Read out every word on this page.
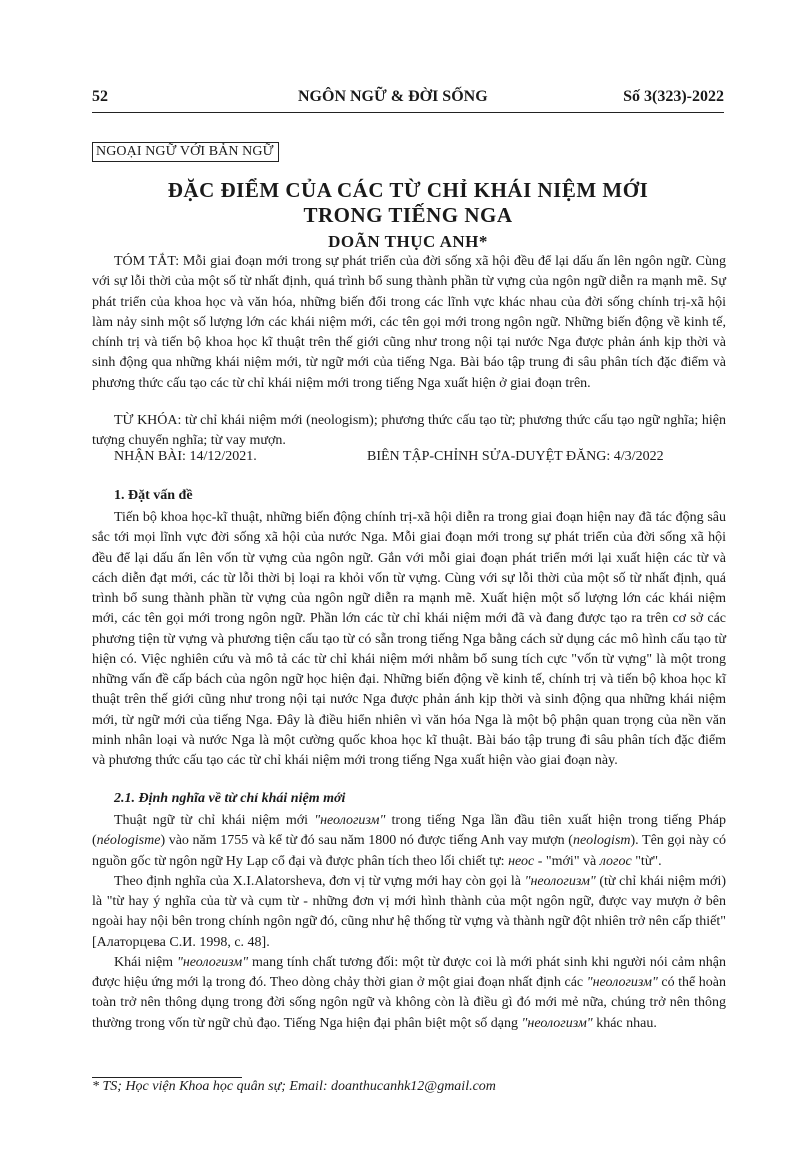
52	NGÔN NGỮ & ĐỜI SỐNG	Số 3(323)-2022
NGOẠI NGỮ VỚI BẢN NGỮ
ĐẶC ĐIỂM CỦA CÁC TỪ CHỈ KHÁI NIỆM MỚI
TRONG TIẾNG NGA
DOÃN THỤC ANH*

TÓM TẮT: Mỗi giai đoạn mới trong sự phát triển của đời sống xã hội đều để lại dấu ấn lên ngôn ngữ. Cùng với sự lỗi thời của một số từ nhất định, quá trình bổ sung thành phần từ vựng của ngôn ngữ diễn ra mạnh mẽ. Sự phát triển của khoa học và văn hóa, những biến đổi trong các lĩnh vực khác nhau của đời sống chính trị-xã hội làm nảy sinh một số lượng lớn các khái niệm mới, các tên gọi mới trong ngôn ngữ. Những biến động về kinh tế, chính trị và tiến bộ khoa học kĩ thuật trên thế giới cũng như trong nội tại nước Nga được phản ánh kịp thời và sinh động qua những khái niệm mới, từ ngữ mới của tiếng Nga. Bài báo tập trung đi sâu phân tích đặc điểm và phương thức cấu tạo các từ chỉ khái niệm mới trong tiếng Nga xuất hiện ở giai đoạn trên.

TỪ KHÓA: từ chỉ khái niệm mới (neologism); phương thức cấu tạo từ; phương thức cấu tạo ngữ nghĩa; hiện tượng chuyển nghĩa; từ vay mượn.

NHẬN BÀI: 14/12/2021.	BIÊN TẬP-CHỈNH SỬA-DUYỆT ĐĂNG: 4/3/2022
1. Đặt vấn đề

Tiến bộ khoa học-kĩ thuật, những biến động chính trị-xã hội diễn ra trong giai đoạn hiện nay đã tác động sâu sắc tới mọi lĩnh vực đời sống xã hội của nước Nga. Mỗi giai đoạn mới trong sự phát triển của đời sống xã hội đều để lại dấu ấn lên vốn từ vựng của ngôn ngữ. Gắn với mỗi giai đoạn phát triển mới lại xuất hiện các từ và cách diễn đạt mới, các từ lỗi thời bị loại ra khỏi vốn từ vựng. Cùng với sự lỗi thời của một số từ nhất định, quá trình bổ sung thành phần từ vựng của ngôn ngữ diễn ra mạnh mẽ. Xuất hiện một số lượng lớn các khái niệm mới, các tên gọi mới trong ngôn ngữ. Phần lớn các từ chỉ khái niệm mới đã và đang được tạo ra trên cơ sở các phương tiện từ vựng và phương tiện cấu tạo từ có sẵn trong tiếng Nga bằng cách sử dụng các mô hình cấu tạo từ hiện có. Việc nghiên cứu và mô tả các từ chỉ khái niệm mới nhằm bổ sung tích cực "vốn từ vựng" là một trong những vấn đề cấp bách của ngôn ngữ học hiện đại. Những biến động về kinh tế, chính trị và tiến bộ khoa học kĩ thuật trên thế giới cũng như trong nội tại nước Nga được phản ánh kịp thời và sinh động qua những khái niệm mới, từ ngữ mới của tiếng Nga. Đây là điều hiển nhiên vì văn hóa Nga là một bộ phận quan trọng của nền văn minh nhân loại và nước Nga là một cường quốc khoa học kĩ thuật. Bài báo tập trung đi sâu phân tích đặc điểm và phương thức cấu tạo các từ chỉ khái niệm mới trong tiếng Nga xuất hiện vào giai đoạn này.

2.1. Định nghĩa về từ chỉ khái niệm mới

Thuật ngữ từ chỉ khái niệm mới "неологизм" trong tiếng Nga lần đầu tiên xuất hiện trong tiếng Pháp (néologisme) vào năm 1755 và kể từ đó sau năm 1800 nó được tiếng Anh vay mượn (neologism). Tên gọi này có nguồn gốc từ ngôn ngữ Hy Lạp cổ đại và được phân tích theo lối chiết tự: неос - "mới" và логос "từ".

Theo định nghĩa của X.I.Alatorsheva, đơn vị từ vựng mới hay còn gọi là "неологизм" (từ chỉ khái niệm mới) là "từ hay ý nghĩa của từ và cụm từ - những đơn vị mới hình thành của một ngôn ngữ, được vay mượn ở bên ngoài hay nội bên trong chính ngôn ngữ đó, cũng như hệ thống từ vựng và thành ngữ đột nhiên trở nên cấp thiết" [Алаторцева С.И. 1998, с. 48].

Khái niệm "неологизм" mang tính chất tương đối: một từ được coi là mới phát sinh khi người nói cảm nhận được hiệu ứng mới lạ trong đó. Theo dòng chảy thời gian ở một giai đoạn nhất định các "неологизм" có thể hoàn toàn trở nên thông dụng trong đời sống ngôn ngữ và không còn là điều gì đó mới mẻ nữa, chúng trở nên thông thường trong vốn từ ngữ chủ đạo. Tiếng Nga hiện đại phân biệt một số dạng "неологизм" khác nhau.

* TS; Học viện Khoa học quân sự; Email: doanthucanhk12@gmail.com
